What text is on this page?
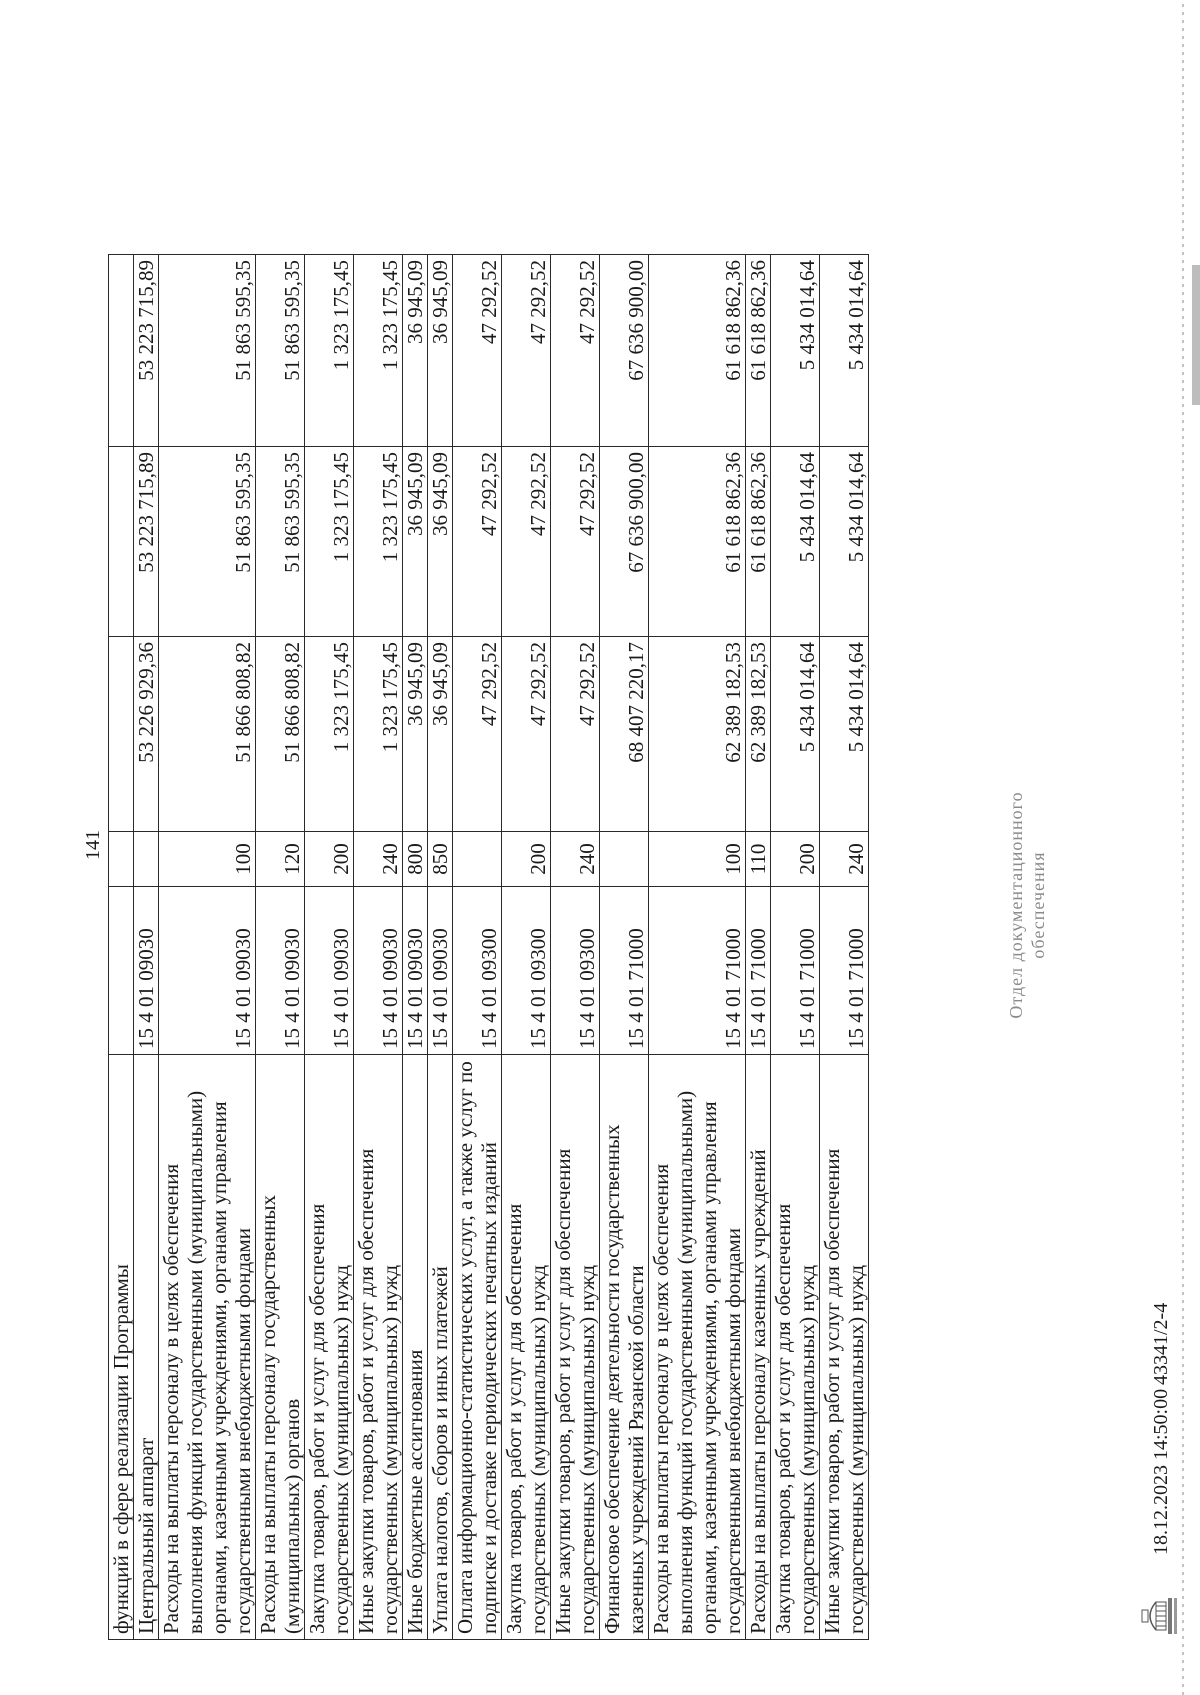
141
функций в сфере реализации Программы					
Центральный аппарат	15 4 01 09030		53 226 929,36	53 223 715,89	53 223 715,89
Расходы на выплаты персоналу в целях обеспечения выполнения функций государственными (муниципальными) органами, казенными учреждениями, органами управления государственными внебюджетными фондами	15 4 01 09030	100	51 866 808,82	51 863 595,35	51 863 595,35
Расходы на выплаты персоналу государственных (муниципальных) органов	15 4 01 09030	120	51 866 808,82	51 863 595,35	51 863 595,35
Закупка товаров, работ и услуг для обеспечения государственных (муниципальных) нужд	15 4 01 09030	200	1 323 175,45	1 323 175,45	1 323 175,45
Иные закупки товаров, работ и услуг для обеспечения государственных (муниципальных) нужд	15 4 01 09030	240	1 323 175,45	1 323 175,45	1 323 175,45
Иные бюджетные ассигнования	15 4 01 09030	800	36 945,09	36 945,09	36 945,09
Уплата налогов, сборов и иных платежей	15 4 01 09030	850	36 945,09	36 945,09	36 945,09
Оплата информационно-статистических услуг, а также услуг по подписке и доставке периодических печатных изданий	15 4 01 09300		47 292,52	47 292,52	47 292,52
Закупка товаров, работ и услуг для обеспечения государственных (муниципальных) нужд	15 4 01 09300	200	47 292,52	47 292,52	47 292,52
Иные закупки товаров, работ и услуг для обеспечения государственных (муниципальных) нужд	15 4 01 09300	240	47 292,52	47 292,52	47 292,52
Финансовое обеспечение деятельности государственных казенных учреждений Рязанской области	15 4 01 71000		68 407 220,17	67 636 900,00	67 636 900,00
Расходы на выплаты персоналу в целях обеспечения выполнения функций государственными (муниципальными) органами, казенными учреждениями, органами управления государственными внебюджетными фондами	15 4 01 71000	100	62 389 182,53	61 618 862,36	61 618 862,36
Расходы на выплаты персоналу казенных учреждений	15 4 01 71000	110	62 389 182,53	61 618 862,36	61 618 862,36
Закупка товаров, работ и услуг для обеспечения государственных (муниципальных) нужд	15 4 01 71000	200	5 434 014,64	5 434 014,64	5 434 014,64
Иные закупки товаров, работ и услуг для обеспечения государственных (муниципальных) нужд	15 4 01 71000	240	5 434 014,64	5 434 014,64	5 434 014,64
18.12.2023 14:50:00
43341/2-4
Отдел документационного обеспечения
